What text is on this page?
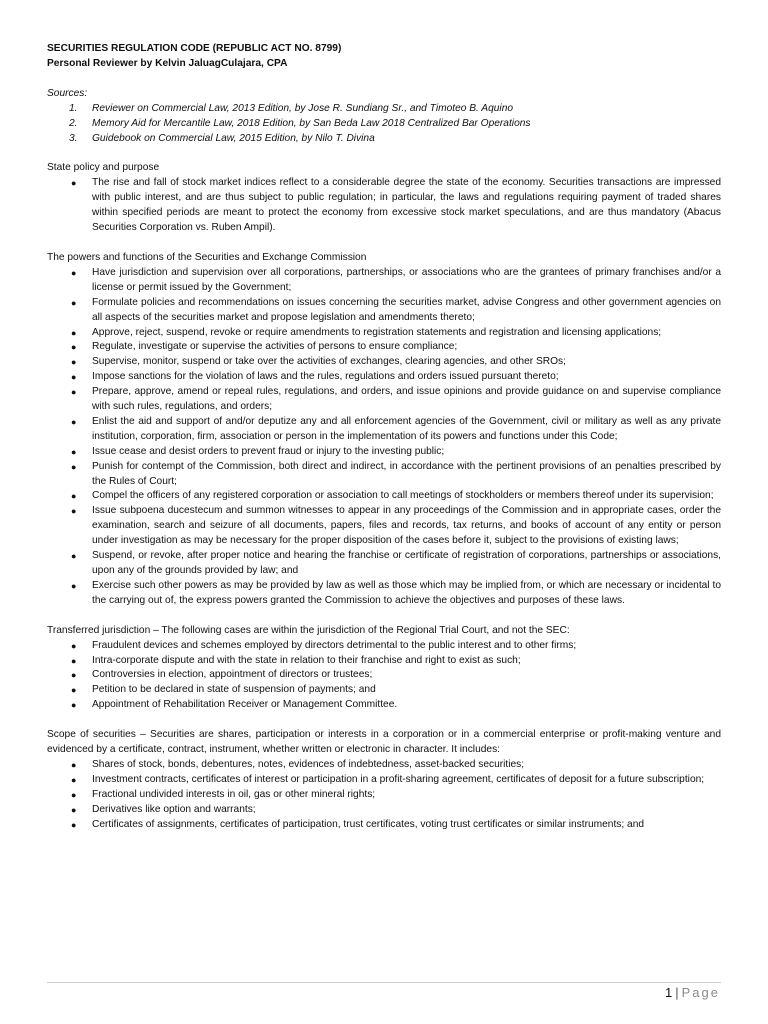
SECURITIES REGULATION CODE (REPUBLIC ACT NO. 8799)

Personal Reviewer by Kelvin JaluagCulajara, CPA

Sources:

1. Reviewer on Commercial Law, 2013 Edition, by Jose R. Sundiang Sr., and Timoteo B. Aquino
2. Memory Aid for Mercantile Law, 2018 Edition, by San Beda Law 2018 Centralized Bar Operations
3. Guidebook on Commercial Law, 2015 Edition, by Nilo T. Divina

State policy and purpose

● The rise and fall of stock market indices reflect to a considerable degree the state of the economy. Securities transactions are impressed with public interest, and are thus subject to public regulation; in particular, the laws and regulations requiring payment of traded shares within specified periods are meant to protect the economy from excessive stock market speculations, and are thus mandatory (Abacus Securities Corporation vs. Ruben Ampil).

The powers and functions of the Securities and Exchange Commission

● Have jurisdiction and supervision over all corporations, partnerships, or associations who are the grantees of primary franchises and/or a license or permit issued by the Government;
● Formulate policies and recommendations on issues concerning the securities market, advise Congress and other government agencies on all aspects of the securities market and propose legislation and amendments thereto;
● Approve, reject, suspend, revoke or require amendments to registration statements and registration and licensing applications;
● Regulate, investigate or supervise the activities of persons to ensure compliance;
● Supervise, monitor, suspend or take over the activities of exchanges, clearing agencies, and other SROs;
● Impose sanctions for the violation of laws and the rules, regulations and orders issued pursuant thereto;
● Prepare, approve, amend or repeal rules, regulations, and orders, and issue opinions and provide guidance on and supervise compliance with such rules, regulations, and orders;
● Enlist the aid and support of and/or deputize any and all enforcement agencies of the Government, civil or military as well as any private institution, corporation, firm, association or person in the implementation of its powers and functions under this Code;
● Issue cease and desist orders to prevent fraud or injury to the investing public;
● Punish for contempt of the Commission, both direct and indirect, in accordance with the pertinent provisions of an penalties prescribed by the Rules of Court;
● Compel the officers of any registered corporation or association to call meetings of stockholders or members thereof under its supervision;
● Issue subpoena ducestecum and summon witnesses to appear in any proceedings of the Commission and in appropriate cases, order the examination, search and seizure of all documents, papers, files and records, tax returns, and books of account of any entity or person under investigation as may be necessary for the proper disposition of the cases before it, subject to the provisions of existing laws;
● Suspend, or revoke, after proper notice and hearing the franchise or certificate of registration of corporations, partnerships or associations, upon any of the grounds provided by law; and
● Exercise such other powers as may be provided by law as well as those which may be implied from, or which are necessary or incidental to the carrying out of, the express powers granted the Commission to achieve the objectives and purposes of these laws.

Transferred jurisdiction – The following cases are within the jurisdiction of the Regional Trial Court, and not the SEC:

● Fraudulent devices and schemes employed by directors detrimental to the public interest and to other firms;
● Intra-corporate dispute and with the state in relation to their franchise and right to exist as such;
● Controversies in election, appointment of directors or trustees;
● Petition to be declared in state of suspension of payments; and
● Appointment of Rehabilitation Receiver or Management Committee.

Scope of securities – Securities are shares, participation or interests in a corporation or in a commercial enterprise or profit-making venture and evidenced by a certificate, contract, instrument, whether written or electronic in character. It includes:

● Shares of stock, bonds, debentures, notes, evidences of indebtedness, asset-backed securities;
● Investment contracts, certificates of interest or participation in a profit-sharing agreement, certificates of deposit for a future subscription;
● Fractional undivided interests in oil, gas or other mineral rights;
● Derivatives like option and warrants;
● Certificates of assignments, certificates of participation, trust certificates, voting trust certificates or similar instruments; and
1 | Page
